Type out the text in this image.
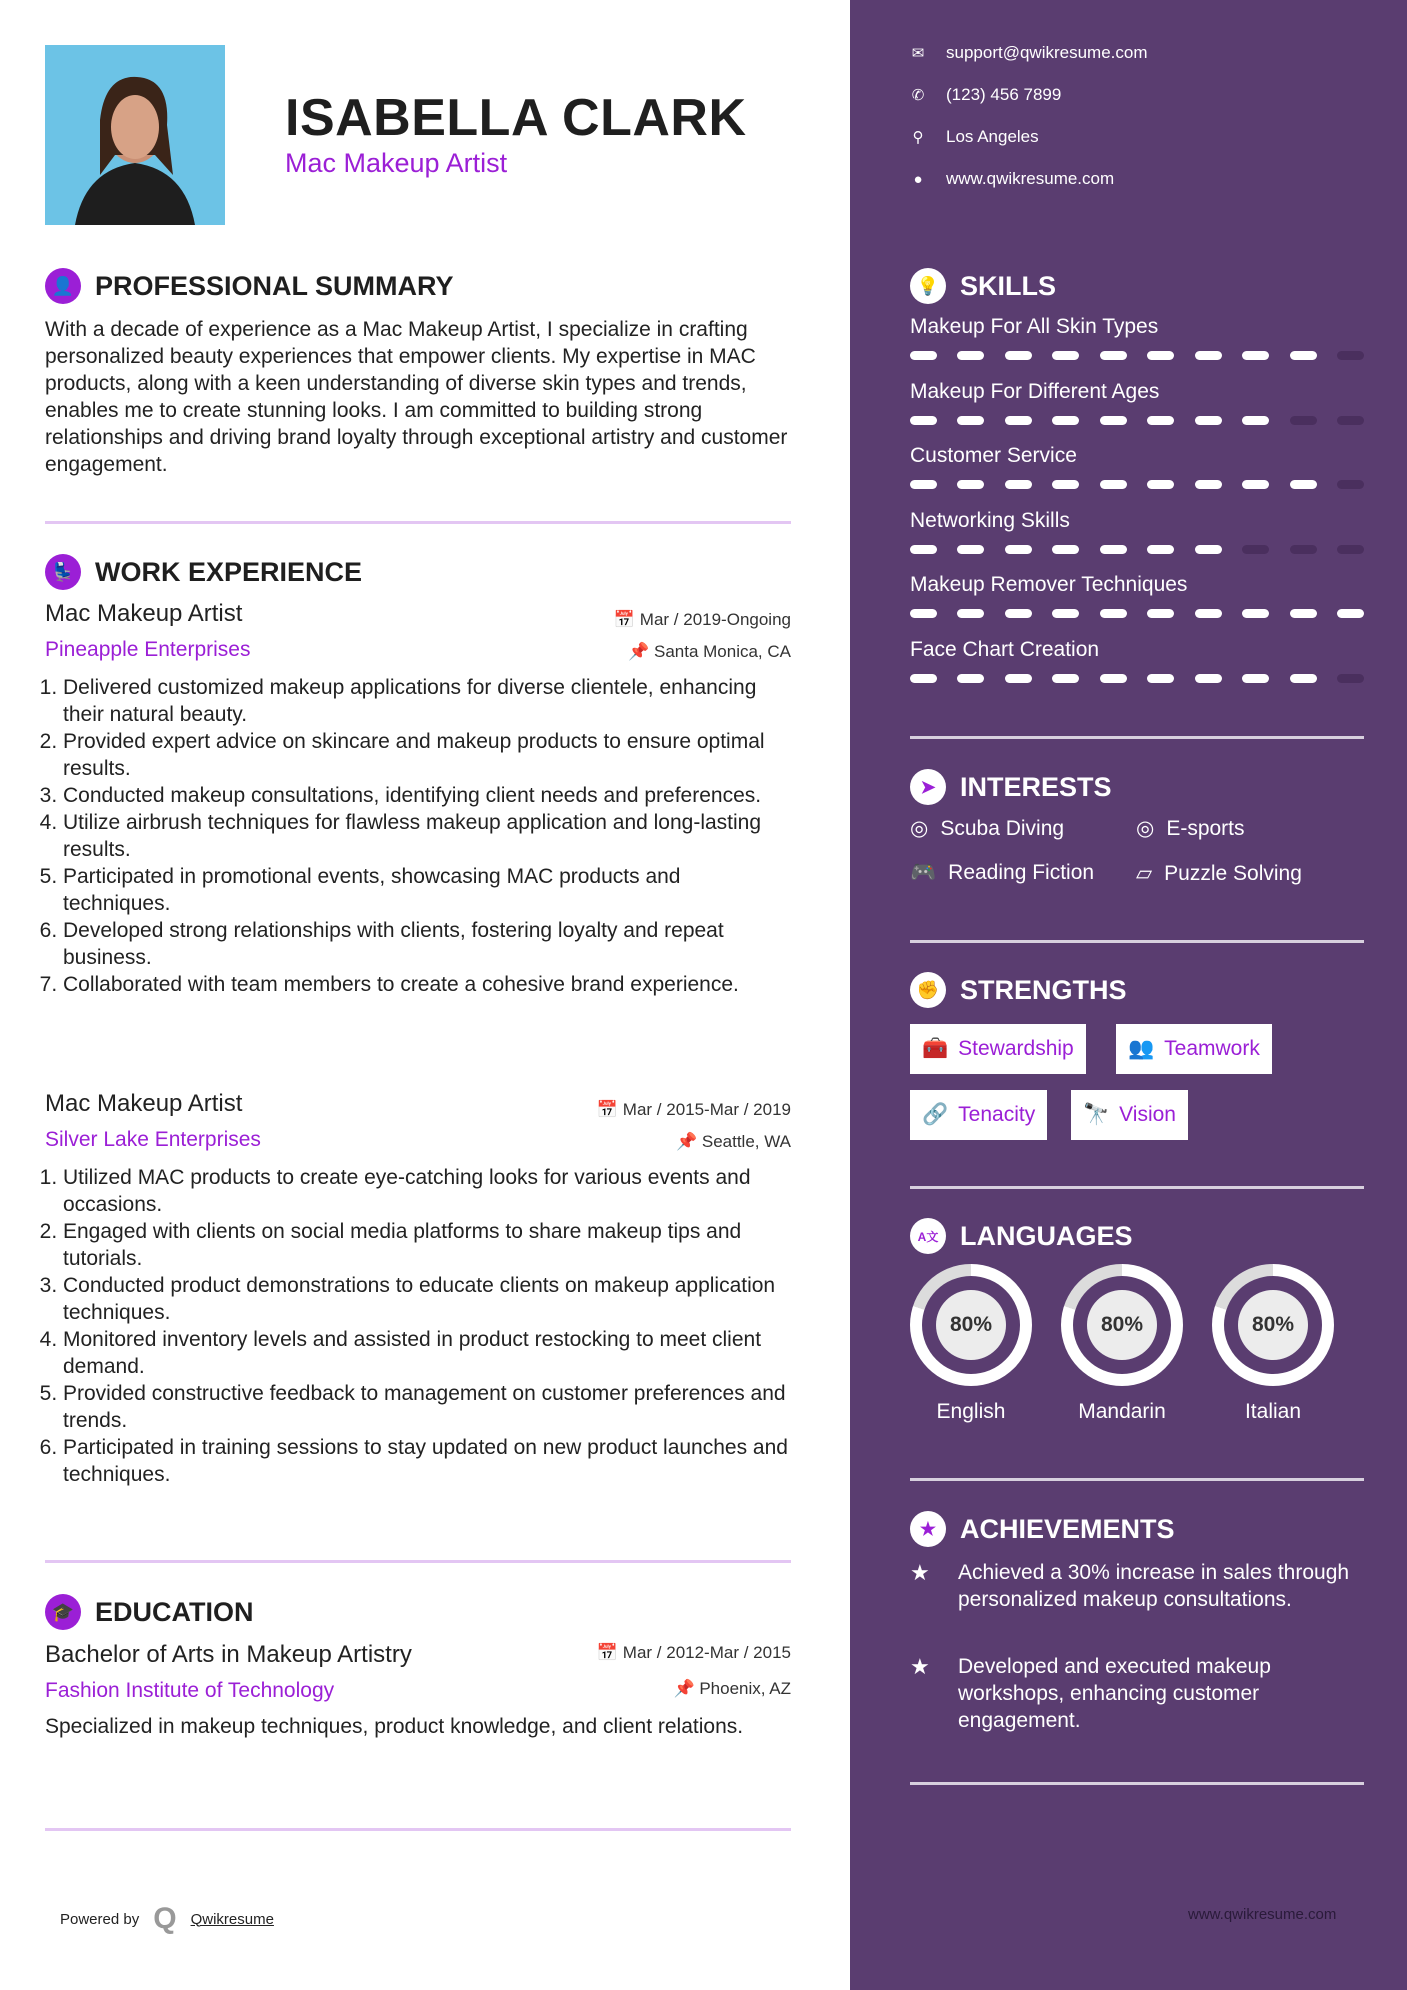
ISABELLA CLARK
Mac Makeup Artist
👤 PROFESSIONAL SUMMARY
With a decade of experience as a Mac Makeup Artist, I specialize in crafting personalized beauty experiences that empower clients. My expertise in MAC products, along with a keen understanding of diverse skin types and trends, enables me to create stunning looks. I am committed to building strong relationships and driving brand loyalty through exceptional artistry and customer engagement.
💺 WORK EXPERIENCE
📅 Mar / 2019-Ongoing
📌 Santa Monica, CA
Mac Makeup Artist
Pineapple Enterprises
1. Delivered customized makeup applications for diverse clientele, enhancing their natural beauty.
2. Provided expert advice on skincare and makeup products to ensure optimal results.
3. Conducted makeup consultations, identifying client needs and preferences.
4. Utilize airbrush techniques for flawless makeup application and long-lasting results.
5. Participated in promotional events, showcasing MAC products and techniques.
6. Developed strong relationships with clients, fostering loyalty and repeat business.
7. Collaborated with team members to create a cohesive brand experience.
📅 Mar / 2015-Mar / 2019
📌 Seattle, WA
Mac Makeup Artist
Silver Lake Enterprises
1. Utilized MAC products to create eye-catching looks for various events and occasions.
2. Engaged with clients on social media platforms to share makeup tips and tutorials.
3. Conducted product demonstrations to educate clients on makeup application techniques.
4. Monitored inventory levels and assisted in product restocking to meet client demand.
5. Provided constructive feedback to management on customer preferences and trends.
6. Participated in training sessions to stay updated on new product launches and techniques.
🎓 EDUCATION
📅 Mar / 2012-Mar / 2015
📌 Phoenix, AZ
Bachelor of Arts in Makeup Artistry
Fashion Institute of Technology
Specialized in makeup techniques, product knowledge, and client relations.
Powered by Q Qwikresume	www.qwikresume.com
✉ support@qwikresume.com
✆ (123) 456 7899
⚲ Los Angeles
● www.qwikresume.com
💡 SKILLS
Makeup For All Skin Types
Makeup For Different Ages
Customer Service
Networking Skills
Makeup Remover Techniques
Face Chart Creation
➤ INTERESTS
◎ Scuba Diving	◎ E-sports
🎮 Reading Fiction ▱ Puzzle Solving
✊ STRENGTHS
🧰 Stewardship	👥 Teamwork
🔗 Tenacity 🔭 Vision
A文 LANGUAGES
80%
English
80%
Mandarin
80%
Italian
★ ACHIEVEMENTS
★	Achieved a 30% increase in sales through personalized makeup consultations.
★	Developed and executed makeup workshops, enhancing customer engagement.
